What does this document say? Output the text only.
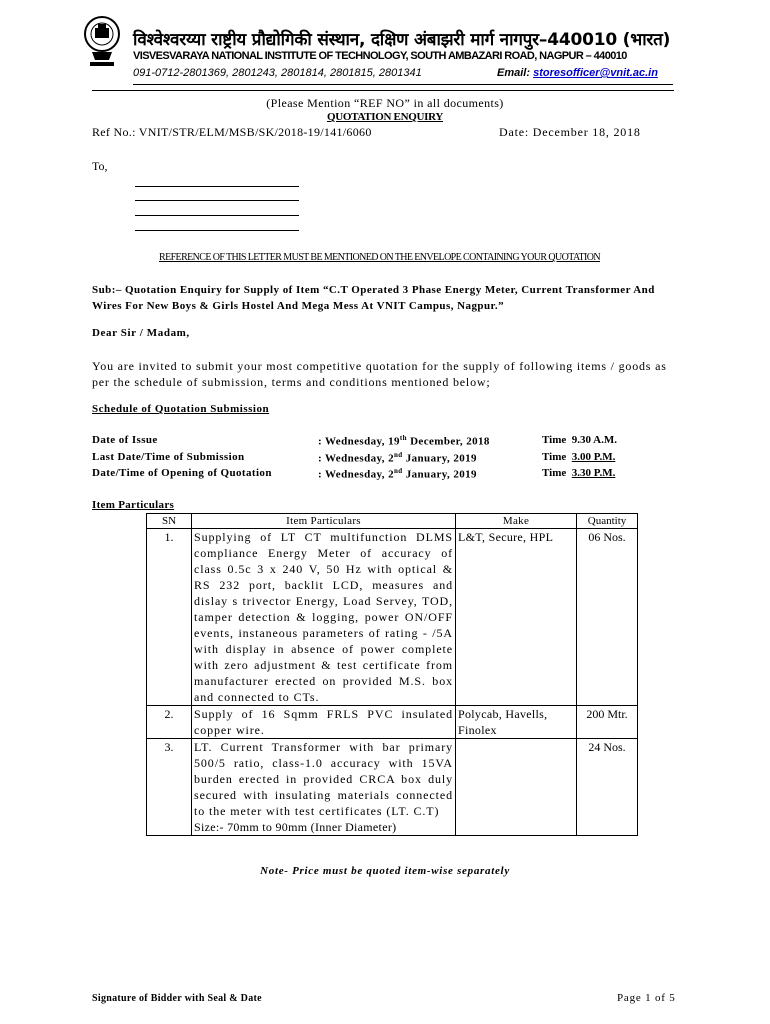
विश्वेश्वरय्या राष्ट्रीय प्रौद्योगिकी संस्थान, दक्षिण अंबाझरी मार्ग नागपुर–440010 (भारत)
VISVESVARAYA NATIONAL INSTITUTE OF TECHNOLOGY, SOUTH AMBAZARI ROAD, NAGPUR – 440010
091-0712-2801369, 2801243, 2801814, 2801815, 2801341	Email: storesofficer@vnit.ac.in
(Please Mention “REF NO” in all documents)
QUOTATION ENQUIRY
Ref No.: VNIT/STR/ELM/MSB/SK/2018-19/141/6060	Date: December 18, 2018
To,
REFERENCE OF THIS LETTER MUST BE MENTIONED ON THE ENVELOPE CONTAINING YOUR QUOTATION
Sub:– Quotation Enquiry for Supply of Item “C.T Operated 3 Phase Energy Meter, Current Transformer And Wires For New Boys & Girls Hostel And Mega Mess At VNIT Campus, Nagpur.”
Dear Sir / Madam,
You are invited to submit your most competitive quotation for the supply of following items / goods as per the schedule of submission, terms and conditions mentioned below;
Schedule of Quotation Submission
Date of Issue	: Wednesday, 19th December, 2018	Time 9.30 A.M.
Last Date/Time of Submission	: Wednesday, 2nd January, 2019	Time 3.00 P.M.
Date/Time of Opening of Quotation	: Wednesday, 2nd January, 2019	Time 3.30 P.M.
Item Particulars
SN	Item Particulars	Make	Quantity
1.	Supplying of LT CT multifunction DLMS compliance Energy Meter of accuracy of class 0.5c 3 x 240 V, 50 Hz with optical & RS 232 port, backlit LCD, measures and dislay s trivector Energy, Load Servey, TOD, tamper detection & logging, power ON/OFF events, instaneous parameters of rating - /5A with display in absence of power complete with zero adjustment & test certificate from manufacturer erected on provided M.S. box and connected to CTs.	L&T, Secure, HPL	06 Nos.
2.	Supply of 16 Sqmm FRLS PVC insulated copper wire.	Polycab, Havells, Finolex	200 Mtr.
3.	LT. Current Transformer with bar primary 500/5 ratio, class-1.0 accuracy with 15VA burden erected in provided CRCA box duly secured with insulating materials connected to the meter with test certificates (LT. C.T)
Size:- 70mm to 90mm (Inner Diameter)		24 Nos.
Note- Price must be quoted item-wise separately
Signature of Bidder with Seal & Date	Page 1 of 5
